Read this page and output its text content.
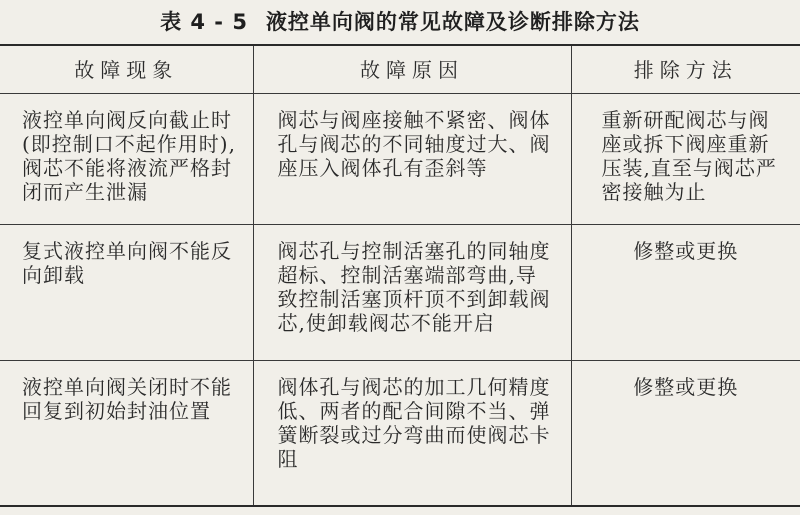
表 4 - 5 液控单向阀的常见故障及诊断排除方法
故障现象	故障原因	排除方法
液控单向阀反向截止时(即控制口不起作用时),阀芯不能将液流严格封闭而产生泄漏	阀芯与阀座接触不紧密、阀体孔与阀芯的不同轴度过大、阀座压入阀体孔有歪斜等	重新研配阀芯与阀座或拆下阀座重新压装,直至与阀芯严密接触为止
复式液控单向阀不能反向卸载	阀芯孔与控制活塞孔的同轴度超标、控制活塞端部弯曲,导致控制活塞顶杆顶不到卸载阀芯,使卸载阀芯不能开启	修整或更换
液控单向阀关闭时不能回复到初始封油位置	阀体孔与阀芯的加工几何精度低、两者的配合间隙不当、弹簧断裂或过分弯曲而使阀芯卡阻	修整或更换
